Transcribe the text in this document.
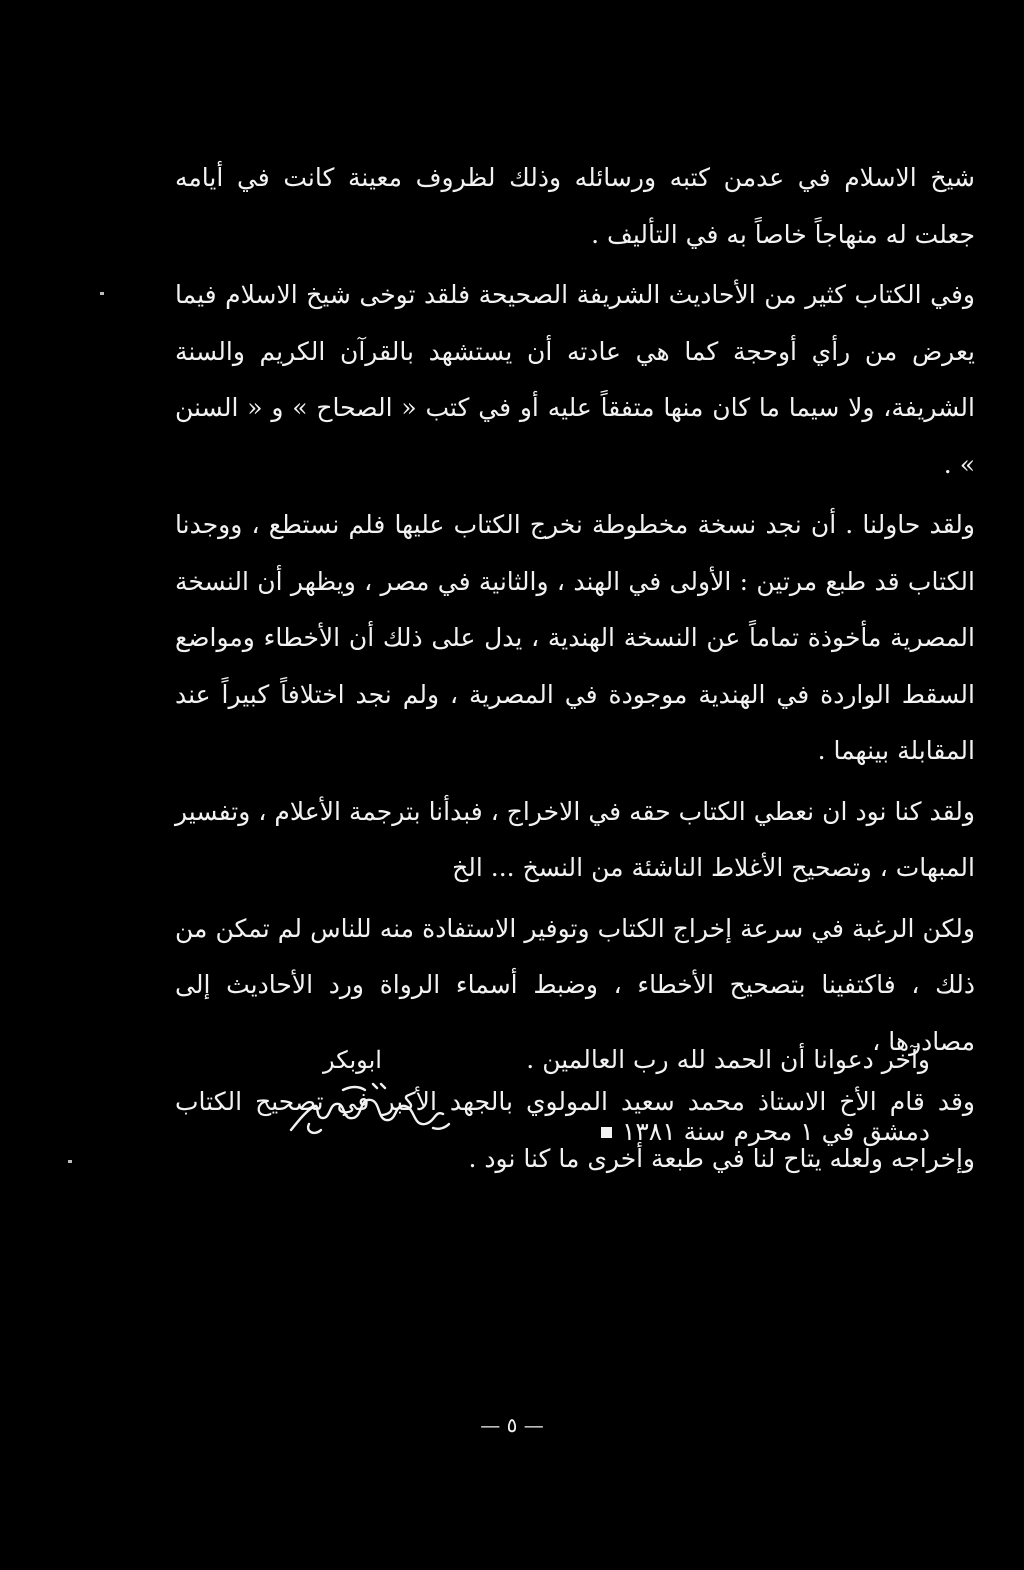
شيخ الاسلام في عدمن كتبه ورسائله وذلك لظروف معينة كانت في أيامه جعلت له منهاجاً خاصاً به في التأليف .

وفي الكتاب كثير من الأحاديث الشريفة الصحيحة فلقد توخى شيخ الاسلام فيما يعرض من رأي أوحجة كما هي عادته أن يستشهد بالقرآن الكريم والسنة الشريفة، ولا سيما ما كان منها متفقاً عليه أو في كتب « الصحاح » و « السنن » .

ولقد حاولنا . أن نجد نسخة مخطوطة نخرج الكتاب عليها فلم نستطع ، ووجدنا الكتاب قد طبع مرتين : الأولى في الهند ، والثانية في مصر ، ويظهر أن النسخة المصرية مأخوذة تماماً عن النسخة الهندية ، يدل على ذلك أن الأخطاء ومواضع السقط الواردة في الهندية موجودة في المصرية ، ولم نجد اختلافاً كبيراً عند المقابلة بينهما .

ولقد كنا نود ان نعطي الكتاب حقه في الاخراج ، فبدأنا بترجمة الأعلام ، وتفسير المبهات ، وتصحيح الأغلاط الناشئة من النسخ ... الخ

ولكن الرغبة في سرعة إخراج الكتاب وتوفير الاستفادة منه للناس لم تمكن من ذلك ، فاكتفينا بتصحيح الأخطاء ، وضبط أسماء الرواة ورد الأحاديث إلى مصادرها ،

وقد قام الأخ الاستاذ محمد سعيد المولوي بالجهد الأكبر في تصحيح الكتاب وإخراجه ولعله يتاح لنا في طبعة أخرى ما كنا نود .

وآخر دعوانا أن الحمد لله رب العالمين .
دمشق في ١ محرم سنة ١٣٨١
ابوبكر
— ٥ —
